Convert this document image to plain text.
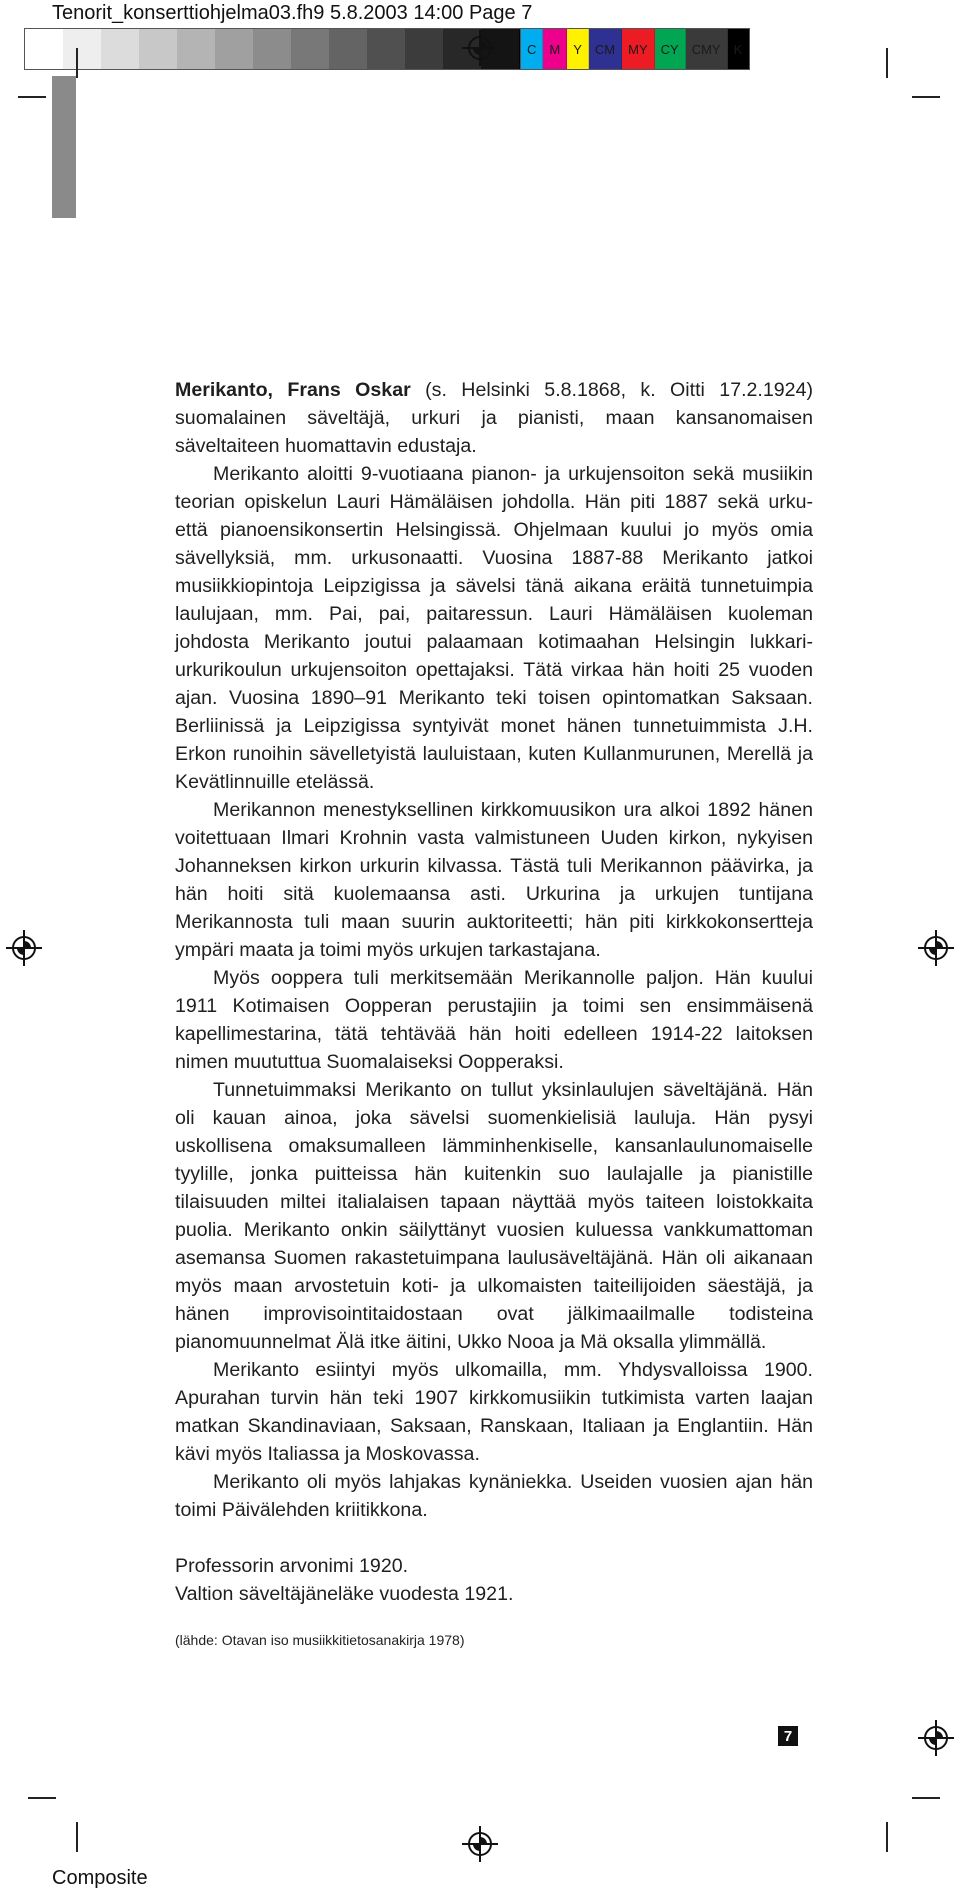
Tenorit_konserttiohjelma03.fh9 5.8.2003 14:00 Page 7
C	M	Y	CM	MY	CY	CMY	K

Merikanto, Frans Oskar (s. Helsinki 5.8.1868, k. Oitti 17.2.1924) suomalainen säveltäjä, urkuri ja pianisti, maan kansanomaisen säveltaiteen huomattavin edustaja.

Merikanto aloitti 9-vuotiaana pianon- ja urkujensoiton sekä musiikin teorian opiskelun Lauri Hämäläisen johdolla. Hän piti 1887 sekä urku- että pianoensikonsertin Helsingissä. Ohjelmaan kuului jo myös omia sävellyksiä, mm. urkusonaatti. Vuosina 1887-88 Merikanto jatkoi musiikkiopintoja Leipzigissa ja sävelsi tänä aikana eräitä tunnetuimpia laulujaan, mm. Pai, pai, paitaressun. Lauri Hämäläisen kuoleman johdosta Merikanto joutui palaamaan kotimaahan Helsingin lukkari-urkurikoulun urkujensoiton opettajaksi. Tätä virkaa hän hoiti 25 vuoden ajan. Vuosina 1890–91 Merikanto teki toisen opintomatkan Saksaan. Berliinissä ja Leipzigissa syntyivät monet hänen tunnetuimmista J.H. Erkon runoihin sävelletyistä lauluistaan, kuten Kullanmurunen, Merellä ja Kevätlinnuille etelässä.

Merikannon menestyksellinen kirkkomuusikon ura alkoi 1892 hänen voitettuaan Ilmari Krohnin vasta valmistuneen Uuden kirkon, nykyisen Johanneksen kirkon urkurin kilvassa. Tästä tuli Merikannon päävirka, ja hän hoiti sitä kuolemaansa asti. Urkurina ja urkujen tuntijana Merikannosta tuli maan suurin auktoriteetti; hän piti kirkkokonsertteja ympäri maata ja toimi myös urkujen tarkastajana.

Myös ooppera tuli merkitsemään Merikannolle paljon. Hän kuului 1911 Kotimaisen Oopperan perustajiin ja toimi sen ensimmäisenä kapellimestarina, tätä tehtävää hän hoiti edelleen 1914-22 laitoksen nimen muututtua Suomalaiseksi Oopperaksi.

Tunnetuimmaksi Merikanto on tullut yksinlaulujen säveltäjänä. Hän oli kauan ainoa, joka sävelsi suomenkielisiä lauluja. Hän pysyi uskollisena omaksumalleen lämminhenkiselle, kansanlaulunomaiselle tyylille, jonka puitteissa hän kuitenkin suo laulajalle ja pianistille tilaisuuden miltei italialaisen tapaan näyttää myös taiteen loistokkaita puolia. Merikanto onkin säilyttänyt vuosien kuluessa vankkumattoman asemansa Suomen rakastetuimpana laulusäveltäjänä. Hän oli aikanaan myös maan arvostetuin koti- ja ulkomaisten taiteilijoiden säestäjä, ja hänen improvisointitaidostaan ovat jälkimaailmalle todisteina pianomuunnelmat Älä itke äitini, Ukko Nooa ja Mä oksalla ylimmällä.

Merikanto esiintyi myös ulkomailla, mm. Yhdysvalloissa 1900. Apurahan turvin hän teki 1907 kirkkomusiikin tutkimista varten laajan matkan Skandinaviaan, Saksaan, Ranskaan, Italiaan ja Englantiin. Hän kävi myös Italiassa ja Moskovassa.

Merikanto oli myös lahjakas kynäniekka. Useiden vuosien ajan hän toimi Päivälehden kriitikkona.

Professorin arvonimi 1920.

Valtion säveltäjäneläke vuodesta 1921.

(lähde: Otavan iso musiikkitietosanakirja 1978)
7
Composite
